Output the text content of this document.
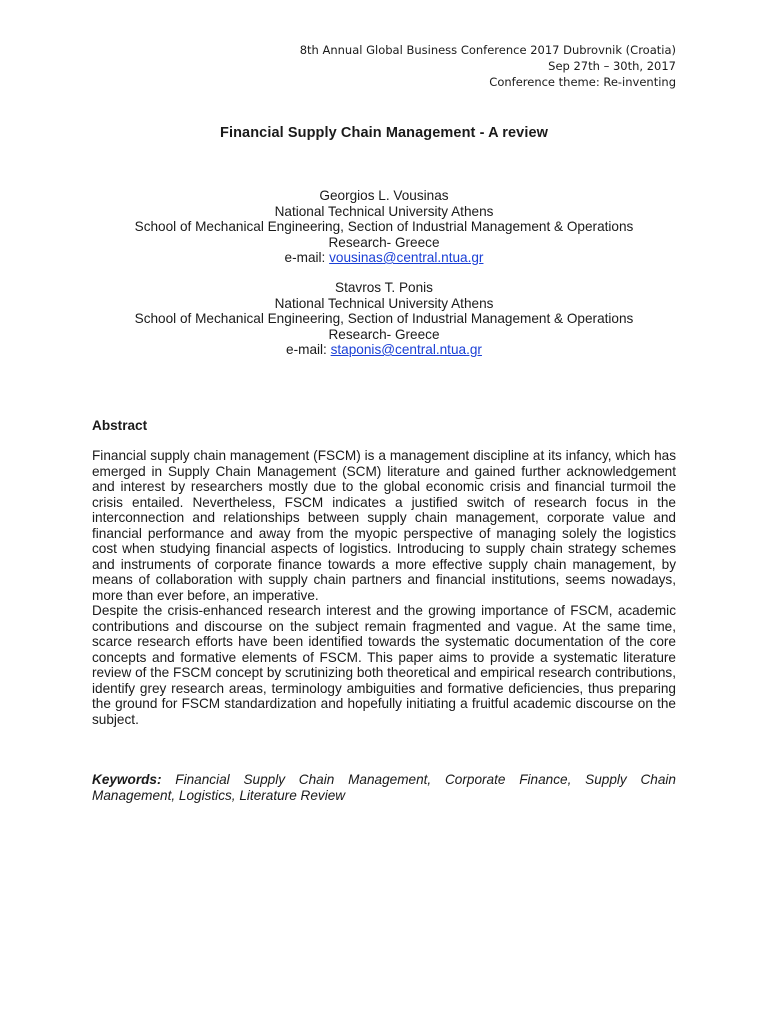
8th Annual Global Business Conference 2017 Dubrovnik (Croatia)
Sep 27th – 30th, 2017
Conference theme: Re-inventing
Financial Supply Chain Management - A review
Georgios L. Vousinas
National Technical University Athens
School of Mechanical Engineering, Section of Industrial Management & Operations
Research- Greece
e-mail: vousinas@central.ntua.gr
Stavros T. Ponis
National Technical University Athens
School of Mechanical Engineering, Section of Industrial Management & Operations
Research- Greece
e-mail: staponis@central.ntua.gr
Abstract

Financial supply chain management (FSCM) is a management discipline at its infancy, which has emerged in Supply Chain Management (SCM) literature and gained further acknowledgement and interest by researchers mostly due to the global economic crisis and financial turmoil the crisis entailed. Nevertheless, FSCM indicates a justified switch of research focus in the interconnection and relationships between supply chain management, corporate value and financial performance and away from the myopic perspective of managing solely the logistics cost when studying financial aspects of logistics. Introducing to supply chain strategy schemes and instruments of corporate finance towards a more effective supply chain management, by means of collaboration with supply chain partners and financial institutions, seems nowadays, more than ever before, an imperative.

Despite the crisis-enhanced research interest and the growing importance of FSCM, academic contributions and discourse on the subject remain fragmented and vague. At the same time, scarce research efforts have been identified towards the systematic documentation of the core concepts and formative elements of FSCM. This paper aims to provide a systematic literature review of the FSCM concept by scrutinizing both theoretical and empirical research contributions, identify grey research areas, terminology ambiguities and formative deficiencies, thus preparing the ground for FSCM standardization and hopefully initiating a fruitful academic discourse on the subject.

Keywords: Financial Supply Chain Management, Corporate Finance, Supply Chain Management, Logistics, Literature Review
